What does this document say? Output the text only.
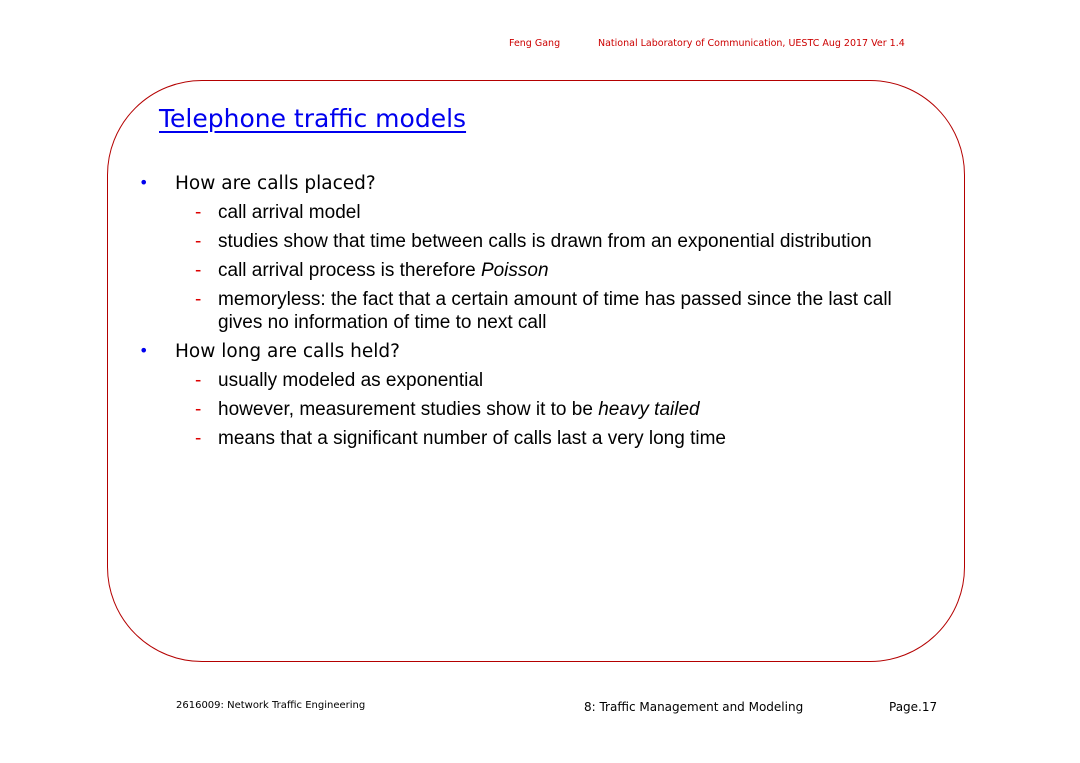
Feng Gang	National Laboratory of Communication, UESTC Aug 2017 Ver 1.4
Telephone traffic models
• How are calls placed?
- call arrival model
- studies show that time between calls is drawn from an exponential distribution
- call arrival process is therefore Poisson
- memoryless: the fact that a certain amount of time has passed since the last call gives no information of time to next call
• How long are calls held?
- usually modeled as exponential
- however, measurement studies show it to be heavy tailed
- means that a significant number of calls last a very long time
2616009: Network Traffic Engineering	8: Traffic Management and Modeling	Page.17
